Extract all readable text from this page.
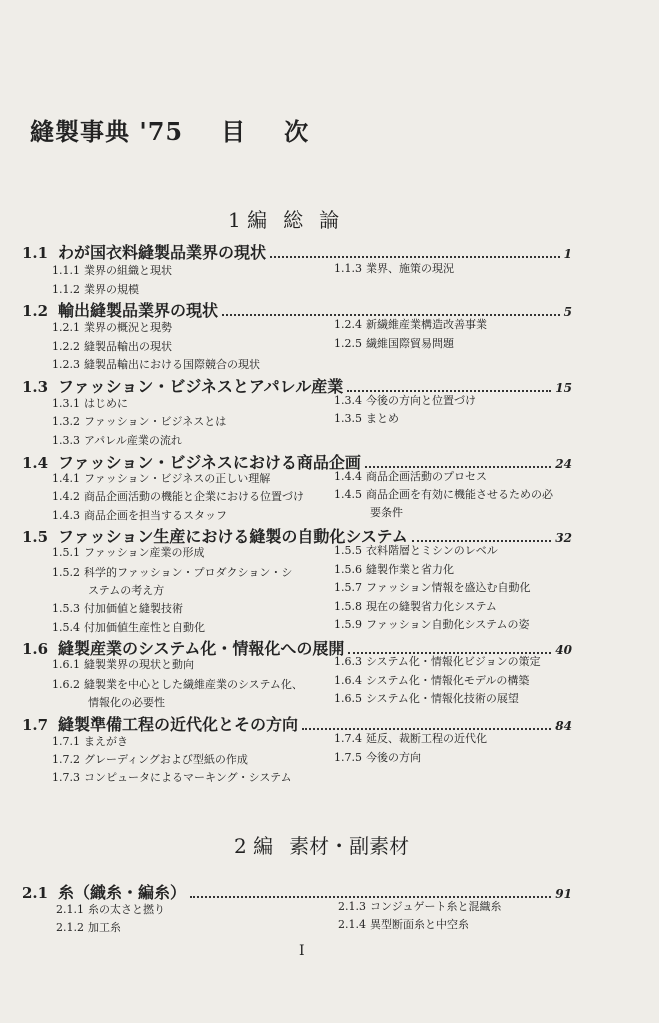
縫製事典 '75 目 次
1 編 総 論
1.1 わが国衣料縫製品業界の現状	1
1.1.1 業界の組織と現状
1.1.2 業界の規模
1.1.3 業界、施策の現況
1.2 輸出縫製品業界の現状	5
1.2.1 業界の概況と現勢
1.2.2 縫製品輸出の現状
1.2.3 縫製品輸出における国際競合の現状
1.2.4 新繊維産業構造改善事業
1.2.5 繊維国際貿易問題
1.3 ファッション・ビジネスとアパレル産業	15
1.3.1 はじめに
1.3.2 ファッション・ビジネスとは
1.3.3 アパレル産業の流れ
1.3.4 今後の方向と位置づけ
1.3.5 まとめ
1.4 ファッション・ビジネスにおける商品企画	24
1.4.1 ファッション・ビジネスの正しい理解
1.4.2 商品企画活動の機能と企業における位置づけ
1.4.3 商品企画を担当するスタッフ
1.4.4 商品企画活動のプロセス
1.4.5 商品企画を有効に機能させるための必
要条件
1.5 ファッション生産における縫製の自動化システム	32
1.5.1 ファッション産業の形成
1.5.2 科学的ファッション・プロダクション・シ
ステムの考え方
1.5.3 付加価値と縫製技術
1.5.4 付加価値生産性と自動化
1.5.5 衣料階層とミシンのレベル
1.5.6 縫製作業と省力化
1.5.7 ファッション情報を盛込む自動化
1.5.8 現在の縫製省力化システム
1.5.9 ファッション自動化システムの姿
1.6 縫製産業のシステム化・情報化への展開	40
1.6.1 縫製業界の現状と動向
1.6.2 縫製業を中心とした繊維産業のシステム化、
情報化の必要性
1.6.3 システム化・情報化ビジョンの策定
1.6.4 システム化・情報化モデルの構築
1.6.5 システム化・情報化技術の展望
1.7 縫製準備工程の近代化とその方向	84
1.7.1 まえがき
1.7.2 グレーディングおよび型紙の作成
1.7.3 コンピュータによるマーキング・システム
1.7.4 延反、裁断工程の近代化
1.7.5 今後の方向
2 編 素材・副素材
2.1 糸（織糸・編糸）	91
2.1.1 糸の太さと撚り
2.1.2 加工糸
2.1.3 コンジュゲート糸と混織糸
2.1.4 異型断面糸と中空糸
I
